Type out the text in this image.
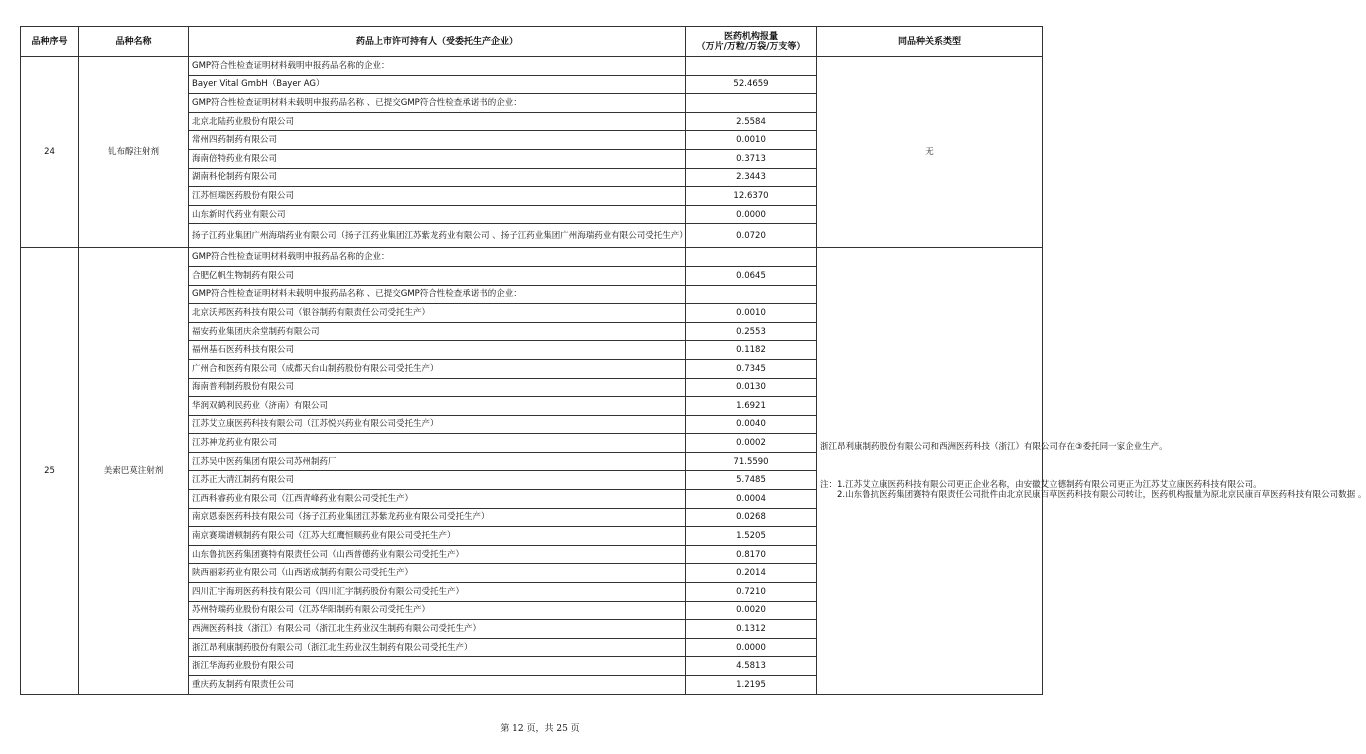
品种序号	品种名称	药品上市许可持有人（受委托生产企业）	医药机构报量
（万片/万粒/万袋/万支等）	同品种关系类型
24	钆布醇注射剂	GMP符合性检查证明材料载明申报药品名称的企业：		无

		Bayer Vital GmbH（Bayer AG）	52.4659	
		GMP符合性检查证明材料未载明申报药品名称 、已提交GMP符合性检查承诺书的企业：		
		北京北陆药业股份有限公司	2.5584	
		常州四药制药有限公司	0.0010	
		海南倍特药业有限公司	0.3713	
		湖南科伦制药有限公司	2.3443	
		江苏恒瑞医药股份有限公司	12.6370	
		山东新时代药业有限公司	0.0000	
		扬子江药业集团广州海瑞药业有限公司（扬子江药业集团江苏紫龙药业有限公司 、扬子江药业集团广州海瑞药业有限公司受托生产）	0.0720	
25	美索巴莫注射剂	GMP符合性检查证明材料载明申报药品名称的企业：		浙江昂利康制药股份有限公司和西洲医药科技（浙江）有限公司存在③委托同一家企业生产。

注：1.江苏艾立康医药科技有限公司更正企业名称，由安徽艾立德制药有限公司更正为江苏艾立康医药科技有限公司。

　　2.山东鲁抗医药集团赛特有限责任公司批件由北京民康百草医药科技有限公司转让，医药机构报量为原北京民康百草医药科技有限公司数据 。

		合肥亿帆生物制药有限公司	0.0645	
		GMP符合性检查证明材料未载明申报药品名称 、已提交GMP符合性检查承诺书的企业：		
		北京沃邦医药科技有限公司（银谷制药有限责任公司受托生产）	0.0010	
		福安药业集团庆余堂制药有限公司	0.2553	
		福州基石医药科技有限公司	0.1182	
		广州合和医药有限公司（成都天台山制药股份有限公司受托生产）	0.7345	
		海南普利制药股份有限公司	0.0130	
		华润双鹤利民药业（济南）有限公司	1.6921	
		江苏艾立康医药科技有限公司（江苏悦兴药业有限公司受托生产）	0.0040	
		江苏神龙药业有限公司	0.0002	
		江苏吴中医药集团有限公司苏州制药厂	71.5590	
		江苏正大清江制药有限公司	5.7485	
		江西科睿药业有限公司（江西青峰药业有限公司受托生产）	0.0004	
		南京恩泰医药科技有限公司（扬子江药业集团江苏紫龙药业有限公司受托生产）	0.0268	
		南京赛瑞谱顿制药有限公司（江苏大红鹰恒顺药业有限公司受托生产）	1.5205	
		山东鲁抗医药集团赛特有限责任公司（山西普德药业有限公司受托生产）	0.8170	
		陕西丽彩药业有限公司（山西诺成制药有限公司受托生产）	0.2014	
		四川汇宇海玥医药科技有限公司（四川汇宇制药股份有限公司受托生产）	0.7210	
		苏州特瑞药业股份有限公司（江苏华阳制药有限公司受托生产）	0.0020	
		西洲医药科技（浙江）有限公司（浙江北生药业汉生制药有限公司受托生产）	0.1312	
		浙江昂利康制药股份有限公司（浙江北生药业汉生制药有限公司受托生产）	0.0000	
		浙江华海药业股份有限公司	4.5813	
		重庆药友制药有限责任公司	1.2195	
第 12 页，共 25 页
